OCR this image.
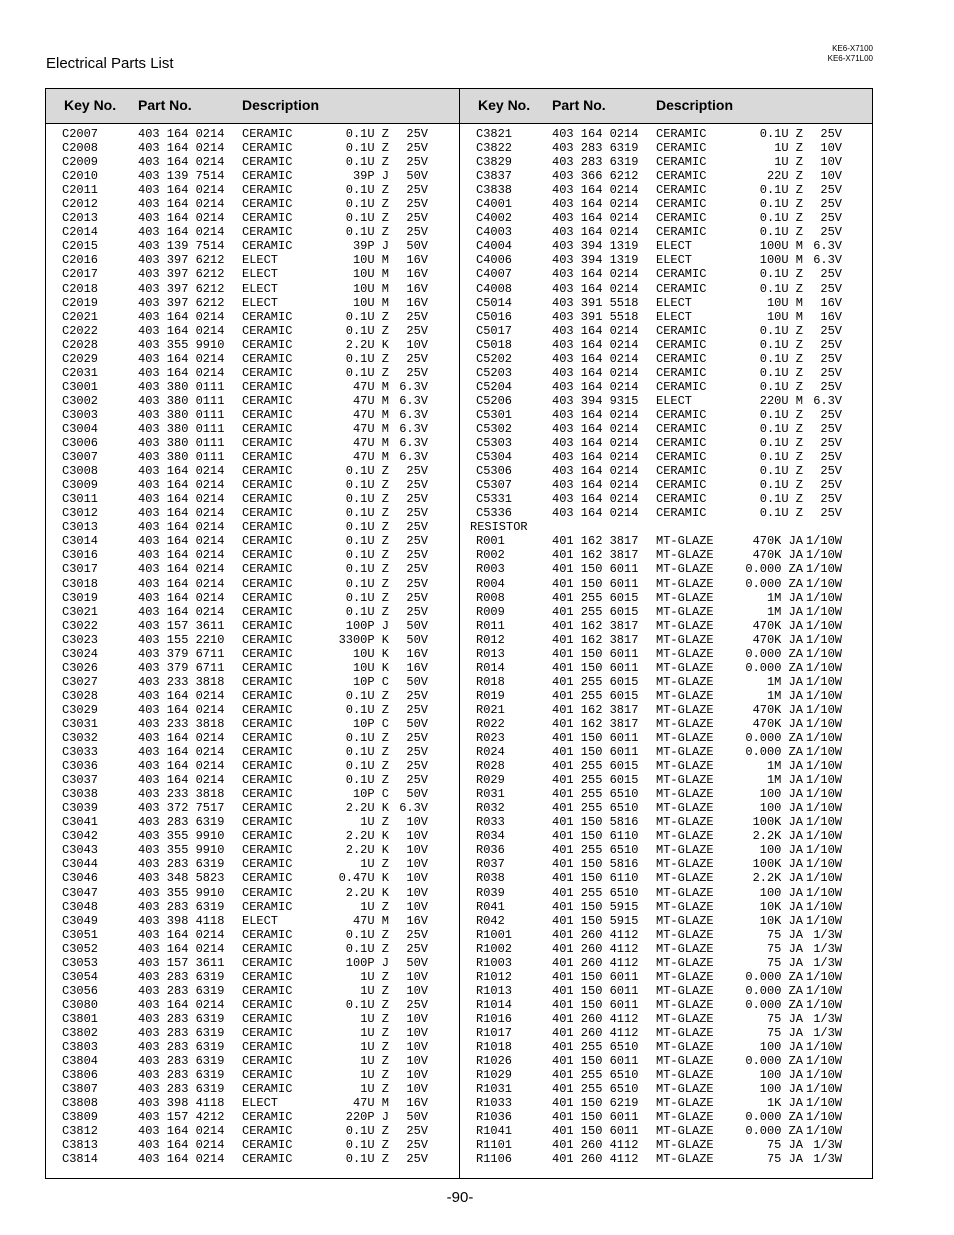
Electrical Parts List
KE6-X7100
KE6-X71L00
Key No. Part No.	Description	Key No. Part No.	Description
C2007	403 164 0214 CERAMIC	0.1U Z 25V
C2008	403 164 0214 CERAMIC	0.1U Z 25V
C2009	403 164 0214 CERAMIC	0.1U Z 25V
C2010	403 139 7514 CERAMIC	39P J 50V
C2011	403 164 0214 CERAMIC	0.1U Z 25V
C2012	403 164 0214 CERAMIC	0.1U Z 25V
C2013	403 164 0214 CERAMIC	0.1U Z 25V
C2014	403 164 0214 CERAMIC	0.1U Z 25V
C2015	403 139 7514 CERAMIC	39P J 50V
C2016	403 397 6212 ELECT	10U M 16V
C2017	403 397 6212 ELECT	10U M 16V
C2018	403 397 6212 ELECT	10U M 16V
C2019	403 397 6212 ELECT	10U M 16V
C2021	403 164 0214 CERAMIC	0.1U Z 25V
C2022	403 164 0214 CERAMIC	0.1U Z 25V
C2028	403 355 9910 CERAMIC	2.2U K 10V
C2029	403 164 0214 CERAMIC	0.1U Z 25V
C2031	403 164 0214 CERAMIC	0.1U Z 25V
C3001	403 380 0111 CERAMIC	47U M 6.3V
C3002	403 380 0111 CERAMIC	47U M 6.3V
C3003	403 380 0111 CERAMIC	47U M 6.3V
C3004	403 380 0111 CERAMIC	47U M 6.3V
C3006	403 380 0111 CERAMIC	47U M 6.3V
C3007	403 380 0111 CERAMIC	47U M 6.3V
C3008	403 164 0214 CERAMIC	0.1U Z 25V
C3009	403 164 0214 CERAMIC	0.1U Z 25V
C3011	403 164 0214 CERAMIC	0.1U Z 25V
C3012	403 164 0214 CERAMIC	0.1U Z 25V
C3013	403 164 0214 CERAMIC	0.1U Z 25V
C3014	403 164 0214 CERAMIC	0.1U Z 25V
C3016	403 164 0214 CERAMIC	0.1U Z 25V
C3017	403 164 0214 CERAMIC	0.1U Z 25V
C3018	403 164 0214 CERAMIC	0.1U Z 25V
C3019	403 164 0214 CERAMIC	0.1U Z 25V
C3021	403 164 0214 CERAMIC	0.1U Z 25V
C3022	403 157 3611 CERAMIC	100P J 50V
C3023	403 155 2210 CERAMIC	3300P K 50V
C3024	403 379 6711 CERAMIC	10U K 16V
C3026	403 379 6711 CERAMIC	10U K 16V
C3027	403 233 3818 CERAMIC	10P C 50V
C3028	403 164 0214 CERAMIC	0.1U Z 25V
C3029	403 164 0214 CERAMIC	0.1U Z 25V
C3031	403 233 3818 CERAMIC	10P C 50V
C3032	403 164 0214 CERAMIC	0.1U Z 25V
C3033	403 164 0214 CERAMIC	0.1U Z 25V
C3036	403 164 0214 CERAMIC	0.1U Z 25V
C3037	403 164 0214 CERAMIC	0.1U Z 25V
C3038	403 233 3818 CERAMIC	10P C 50V
C3039	403 372 7517 CERAMIC	2.2U K 6.3V
C3041	403 283 6319 CERAMIC	1U Z 10V
C3042	403 355 9910 CERAMIC	2.2U K 10V
C3043	403 355 9910 CERAMIC	2.2U K 10V
C3044	403 283 6319 CERAMIC	1U Z 10V
C3046	403 348 5823 CERAMIC	0.47U K 10V
C3047	403 355 9910 CERAMIC	2.2U K 10V
C3048	403 283 6319 CERAMIC	1U Z 10V
C3049	403 398 4118 ELECT	47U M 16V
C3051	403 164 0214 CERAMIC	0.1U Z 25V
C3052	403 164 0214 CERAMIC	0.1U Z 25V
C3053	403 157 3611 CERAMIC	100P J 50V
C3054	403 283 6319 CERAMIC	1U Z 10V
C3056	403 283 6319 CERAMIC	1U Z 10V
C3080	403 164 0214 CERAMIC	0.1U Z 25V
C3801	403 283 6319 CERAMIC	1U Z 10V
C3802	403 283 6319 CERAMIC	1U Z 10V
C3803	403 283 6319 CERAMIC	1U Z 10V
C3804	403 283 6319 CERAMIC	1U Z 10V
C3806	403 283 6319 CERAMIC	1U Z 10V
C3807	403 283 6319 CERAMIC	1U Z 10V
C3808	403 398 4118 ELECT	47U M 16V
C3809	403 157 4212 CERAMIC	220P J 50V
C3812	403 164 0214 CERAMIC	0.1U Z 25V
C3813	403 164 0214 CERAMIC	0.1U Z 25V
C3814	403 164 0214 CERAMIC	0.1U Z 25V
C3821	403 164 0214 CERAMIC	0.1U Z 25V
C3822	403 283 6319 CERAMIC	1U Z 10V
C3829	403 283 6319 CERAMIC	1U Z 10V
C3837	403 366 6212 CERAMIC	22U Z 10V
C3838	403 164 0214 CERAMIC	0.1U Z 25V
C4001	403 164 0214 CERAMIC	0.1U Z 25V
C4002	403 164 0214 CERAMIC	0.1U Z 25V
C4003	403 164 0214 CERAMIC	0.1U Z 25V
C4004	403 394 1319 ELECT	100U M 6.3V
C4006	403 394 1319 ELECT	100U M 6.3V
C4007	403 164 0214 CERAMIC	0.1U Z 25V
C4008	403 164 0214 CERAMIC	0.1U Z 25V
C5014	403 391 5518 ELECT	10U M 16V
C5016	403 391 5518 ELECT	10U M 16V
C5017	403 164 0214 CERAMIC	0.1U Z 25V
C5018	403 164 0214 CERAMIC	0.1U Z 25V
C5202	403 164 0214 CERAMIC	0.1U Z 25V
C5203	403 164 0214 CERAMIC	0.1U Z 25V
C5204	403 164 0214 CERAMIC	0.1U Z 25V
C5206	403 394 9315 ELECT	220U M 6.3V
C5301	403 164 0214 CERAMIC	0.1U Z 25V
C5302	403 164 0214 CERAMIC	0.1U Z 25V
C5303	403 164 0214 CERAMIC	0.1U Z 25V
C5304	403 164 0214 CERAMIC	0.1U Z 25V
C5306	403 164 0214 CERAMIC	0.1U Z 25V
C5307	403 164 0214 CERAMIC	0.1U Z 25V
C5331	403 164 0214 CERAMIC	0.1U Z 25V
C5336	403 164 0214 CERAMIC	0.1U Z 25V
RESISTOR
R001	401 162 3817 MT-GLAZE	470K JA 1/10W
R002	401 162 3817 MT-GLAZE	470K JA 1/10W
R003	401 150 6011 MT-GLAZE	0.000 ZA 1/10W
R004	401 150 6011 MT-GLAZE	0.000 ZA 1/10W
R008	401 255 6015 MT-GLAZE	1M JA 1/10W
R009	401 255 6015 MT-GLAZE	1M JA 1/10W
R011	401 162 3817 MT-GLAZE	470K JA 1/10W
R012	401 162 3817 MT-GLAZE	470K JA 1/10W
R013	401 150 6011 MT-GLAZE	0.000 ZA 1/10W
R014	401 150 6011 MT-GLAZE	0.000 ZA 1/10W
R018	401 255 6015 MT-GLAZE	1M JA 1/10W
R019	401 255 6015 MT-GLAZE	1M JA 1/10W
R021	401 162 3817 MT-GLAZE	470K JA 1/10W
R022	401 162 3817 MT-GLAZE	470K JA 1/10W
R023	401 150 6011 MT-GLAZE	0.000 ZA 1/10W
R024	401 150 6011 MT-GLAZE	0.000 ZA 1/10W
R028	401 255 6015 MT-GLAZE	1M JA 1/10W
R029	401 255 6015 MT-GLAZE	1M JA 1/10W
R031	401 255 6510 MT-GLAZE	100 JA 1/10W
R032	401 255 6510 MT-GLAZE	100 JA 1/10W
R033	401 150 5816 MT-GLAZE	100K JA 1/10W
R034	401 150 6110 MT-GLAZE	2.2K JA 1/10W
R036	401 255 6510 MT-GLAZE	100 JA 1/10W
R037	401 150 5816 MT-GLAZE	100K JA 1/10W
R038	401 150 6110 MT-GLAZE	2.2K JA 1/10W
R039	401 255 6510 MT-GLAZE	100 JA 1/10W
R041	401 150 5915 MT-GLAZE	10K JA 1/10W
R042	401 150 5915 MT-GLAZE	10K JA 1/10W
R1001	401 260 4112 MT-GLAZE	75 JA 1/3W
R1002	401 260 4112 MT-GLAZE	75 JA 1/3W
R1003	401 260 4112 MT-GLAZE	75 JA 1/3W
R1012	401 150 6011 MT-GLAZE	0.000 ZA 1/10W
R1013	401 150 6011 MT-GLAZE	0.000 ZA 1/10W
R1014	401 150 6011 MT-GLAZE	0.000 ZA 1/10W
R1016	401 260 4112 MT-GLAZE	75 JA 1/3W
R1017	401 260 4112 MT-GLAZE	75 JA 1/3W
R1018	401 255 6510 MT-GLAZE	100 JA 1/10W
R1026	401 150 6011 MT-GLAZE	0.000 ZA 1/10W
R1029	401 255 6510 MT-GLAZE	100 JA 1/10W
R1031	401 255 6510 MT-GLAZE	100 JA 1/10W
R1033	401 150 6219 MT-GLAZE	1K JA 1/10W
R1036	401 150 6011 MT-GLAZE	0.000 ZA 1/10W
R1041	401 150 6011 MT-GLAZE	0.000 ZA 1/10W
R1101	401 260 4112 MT-GLAZE	75 JA 1/3W
R1106	401 260 4112 MT-GLAZE	75 JA 1/3W
-90-
